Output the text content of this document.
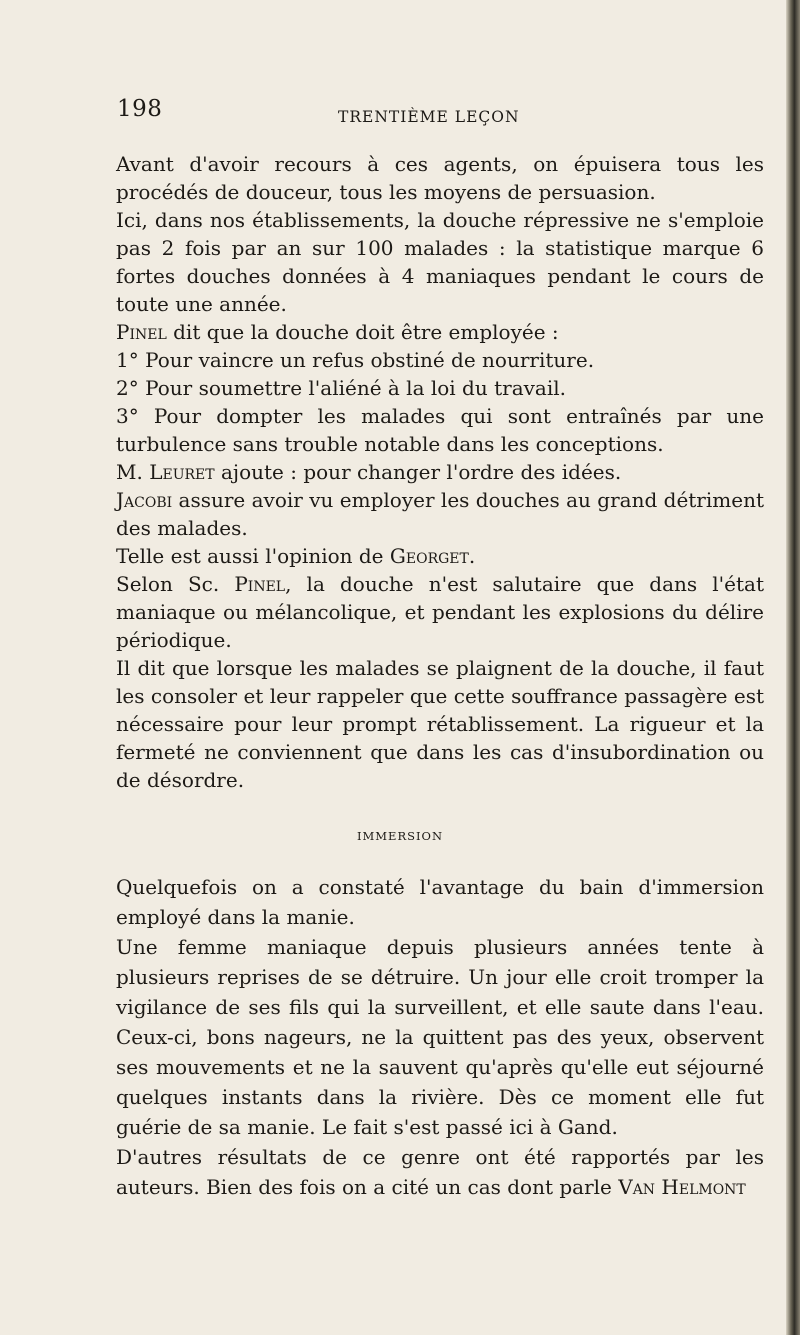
198	TRENTIÈME LEÇON

Avant d'avoir recours à ces agents, on épuisera tous les procédés de douceur, tous les moyens de persuasion.

Ici, dans nos établissements, la douche répressive ne s'emploie pas 2 fois par an sur 100 malades : la statistique marque 6 fortes douches données à 4 maniaques pendant le cours de toute une année.

Pinel dit que la douche doit être employée :

1° Pour vaincre un refus obstiné de nourriture.

2° Pour soumettre l'aliéné à la loi du travail.

3° Pour dompter les malades qui sont entraînés par une turbulence sans trouble notable dans les conceptions.

M. Leuret ajoute : pour changer l'ordre des idées.

Jacobi assure avoir vu employer les douches au grand détriment des malades.

Telle est aussi l'opinion de Georget.

Selon Sc. Pinel, la douche n'est salutaire que dans l'état maniaque ou mélancolique, et pendant les explosions du délire périodique.

Il dit que lorsque les malades se plaignent de la douche, il faut les consoler et leur rappeler que cette souffrance passagère est nécessaire pour leur prompt rétablissement. La rigueur et la fermeté ne conviennent que dans les cas d'insubordination ou de désordre.

IMMERSION

Quelquefois on a constaté l'avantage du bain d'immersion employé dans la manie.

Une femme maniaque depuis plusieurs années tente à plusieurs reprises de se détruire. Un jour elle croit tromper la vigilance de ses fils qui la surveillent, et elle saute dans l'eau. Ceux-ci, bons nageurs, ne la quittent pas des yeux, observent ses mouvements et ne la sauvent qu'après qu'elle eut séjourné quelques instants dans la rivière. Dès ce moment elle fut guérie de sa manie. Le fait s'est passé ici à Gand.

D'autres résultats de ce genre ont été rapportés par les auteurs. Bien des fois on a cité un cas dont parle Van Helmont
